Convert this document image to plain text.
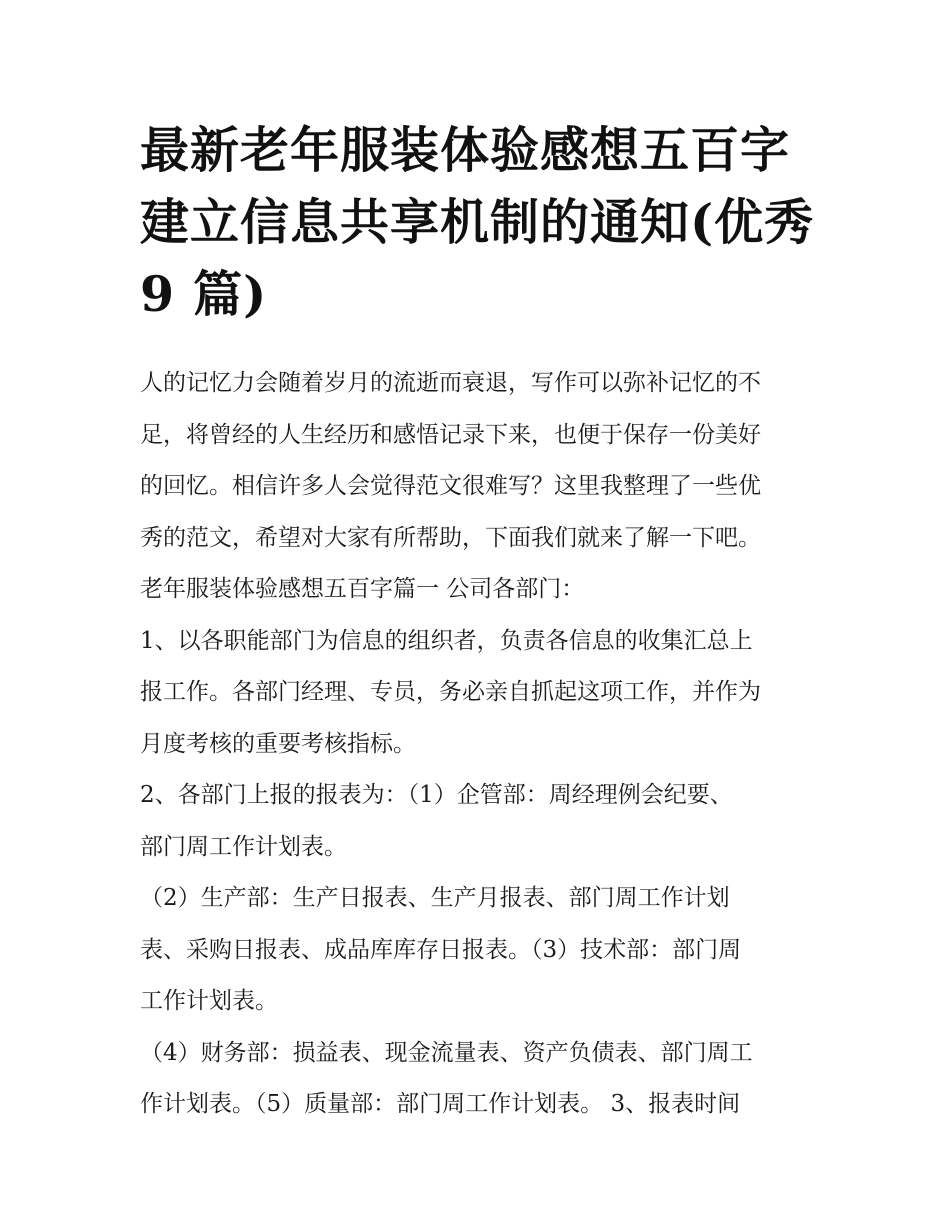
最新老年服装体验感想五百字
建立信息共享机制的通知(优秀
9 篇)
人的记忆力会随着岁月的流逝而衰退，写作可以弥补记忆的不
足，将曾经的人生经历和感悟记录下来，也便于保存一份美好
的回忆。相信许多人会觉得范文很难写？这里我整理了一些优
秀的范文，希望对大家有所帮助，下面我们就来了解一下吧。
老年服装体验感想五百字篇一 公司各部门：
1、以各职能部门为信息的组织者，负责各信息的收集汇总上
报工作。各部门经理、专员，务必亲自抓起这项工作，并作为
月度考核的重要考核指标。
2、各部门上报的报表为：（1）企管部：周经理例会纪要、
部门周工作计划表。
（2）生产部：生产日报表、生产月报表、部门周工作计划
表、采购日报表、成品库库存日报表。（3）技术部：部门周
工作计划表。
（4）财务部：损益表、现金流量表、资产负债表、部门周工
作计划表。（5）质量部：部门周工作计划表。 3、报表时间
